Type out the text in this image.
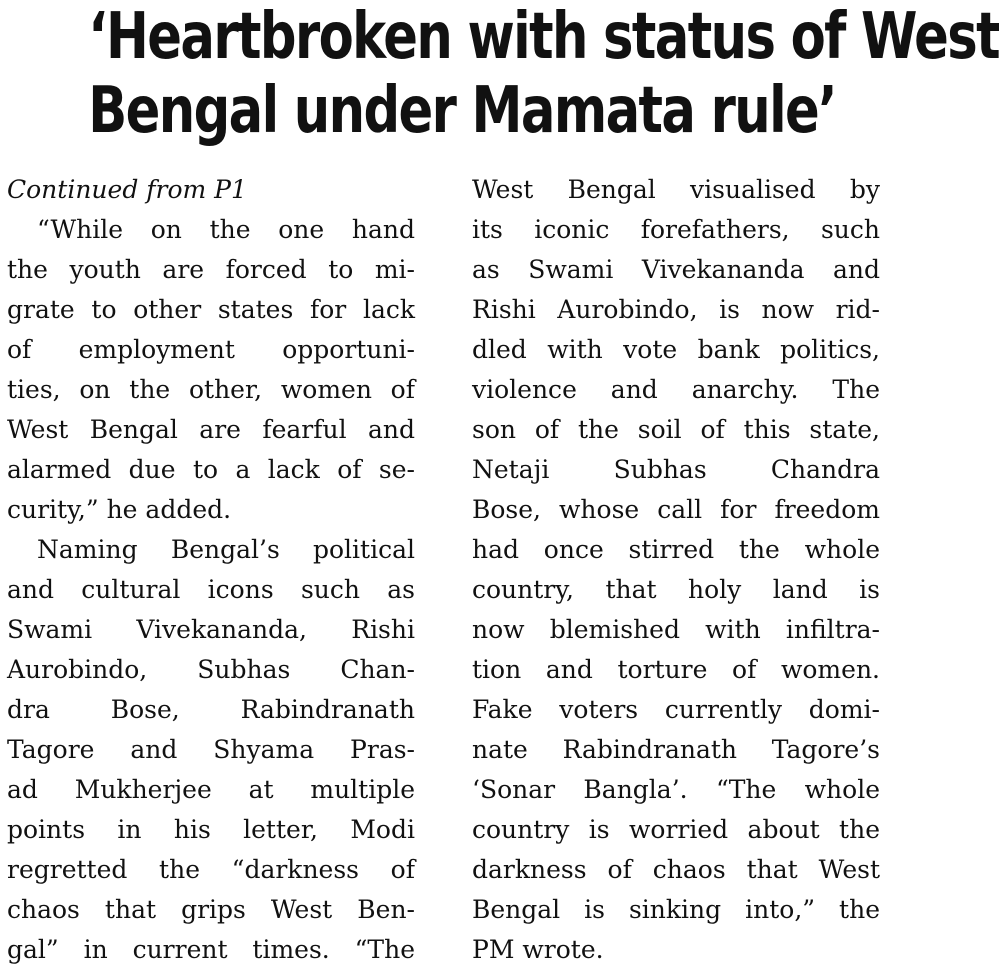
‘Heartbroken with status of West
Bengal under Mamata rule’
Continued from P1
“While on the one hand
the youth are forced to mi-
grate to other states for lack
of employment opportuni-
ties, on the other, women of
West Bengal are fearful and
alarmed due to a lack of se-
curity,” he added.
Naming Bengal’s political
and cultural icons such as
Swami Vivekananda, Rishi
Aurobindo, Subhas Chan-
dra Bose, Rabindranath
Tagore and Shyama Pras-
ad Mukherjee at multiple
points in his letter, Modi
regretted the “darkness of
chaos that grips West Ben-
gal” in current times. “The
West Bengal visualised by
its iconic forefathers, such
as Swami Vivekananda and
Rishi Aurobindo, is now rid-
dled with vote bank politics,
violence and anarchy. The
son of the soil of this state,
Netaji Subhas Chandra
Bose, whose call for freedom
had once stirred the whole
country, that holy land is
now blemished with infiltra-
tion and torture of women.
Fake voters currently domi-
nate Rabindranath Tagore’s
‘Sonar Bangla’. “The whole
country is worried about the
darkness of chaos that West
Bengal is sinking into,” the
PM wrote.
